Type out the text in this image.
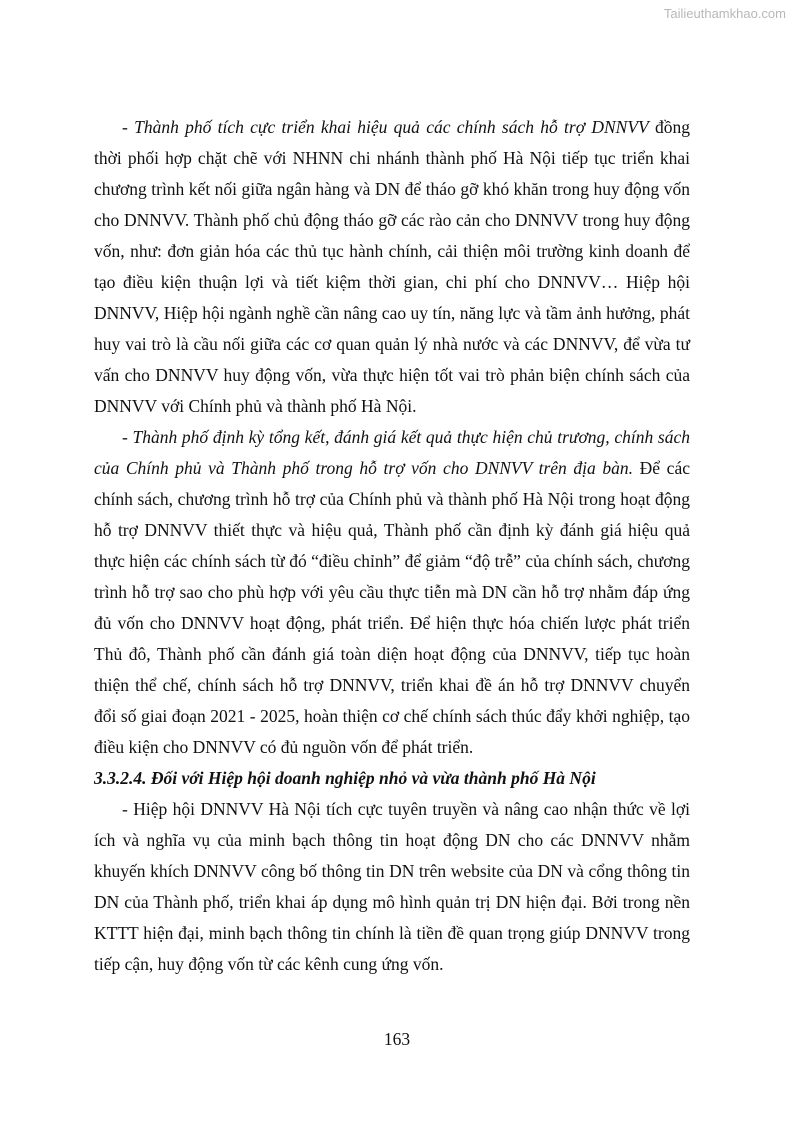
Tailieuthamkhao.com

- Thành phố tích cực triển khai hiệu quả các chính sách hỗ trợ DNNVV đồng thời phối hợp chặt chẽ với NHNN chi nhánh thành phố Hà Nội tiếp tục triển khai chương trình kết nối giữa ngân hàng và DN để tháo gỡ khó khăn trong huy động vốn cho DNNVV. Thành phố chủ động tháo gỡ các rào cản cho DNNVV trong huy động vốn, như: đơn giản hóa các thủ tục hành chính, cải thiện môi trường kinh doanh để tạo điều kiện thuận lợi và tiết kiệm thời gian, chi phí cho DNNVV… Hiệp hội DNNVV, Hiệp hội ngành nghề cần nâng cao uy tín, năng lực và tầm ảnh hưởng, phát huy vai trò là cầu nối giữa các cơ quan quản lý nhà nước và các DNNVV, để vừa tư vấn cho DNNVV huy động vốn, vừa thực hiện tốt vai trò phản biện chính sách của DNNVV với Chính phủ và thành phố Hà Nội.

- Thành phố định kỳ tổng kết, đánh giá kết quả thực hiện chủ trương, chính sách của Chính phủ và Thành phố trong hỗ trợ vốn cho DNNVV trên địa bàn. Để các chính sách, chương trình hỗ trợ của Chính phủ và thành phố Hà Nội trong hoạt động hỗ trợ DNNVV thiết thực và hiệu quả, Thành phố cần định kỳ đánh giá hiệu quả thực hiện các chính sách từ đó “điều chỉnh” để giảm “độ trễ” của chính sách, chương trình hỗ trợ sao cho phù hợp với yêu cầu thực tiễn mà DN cần hỗ trợ nhằm đáp ứng đủ vốn cho DNNVV hoạt động, phát triển. Để hiện thực hóa chiến lược phát triển Thủ đô, Thành phố cần đánh giá toàn diện hoạt động của DNNVV, tiếp tục hoàn thiện thể chế, chính sách hỗ trợ DNNVV, triển khai đề án hỗ trợ DNNVV chuyển đổi số giai đoạn 2021 - 2025, hoàn thiện cơ chế chính sách thúc đẩy khởi nghiệp, tạo điều kiện cho DNNVV có đủ nguồn vốn để phát triển.

3.3.2.4. Đối với Hiệp hội doanh nghiệp nhỏ và vừa thành phố Hà Nội

- Hiệp hội DNNVV Hà Nội tích cực tuyên truyền và nâng cao nhận thức về lợi ích và nghĩa vụ của minh bạch thông tin hoạt động DN cho các DNNVV nhằm khuyến khích DNNVV công bố thông tin DN trên website của DN và cổng thông tin DN của Thành phố, triển khai áp dụng mô hình quản trị DN hiện đại. Bởi trong nền KTTT hiện đại, minh bạch thông tin chính là tiền đề quan trọng giúp DNNVV trong tiếp cận, huy động vốn từ các kênh cung ứng vốn.

163
